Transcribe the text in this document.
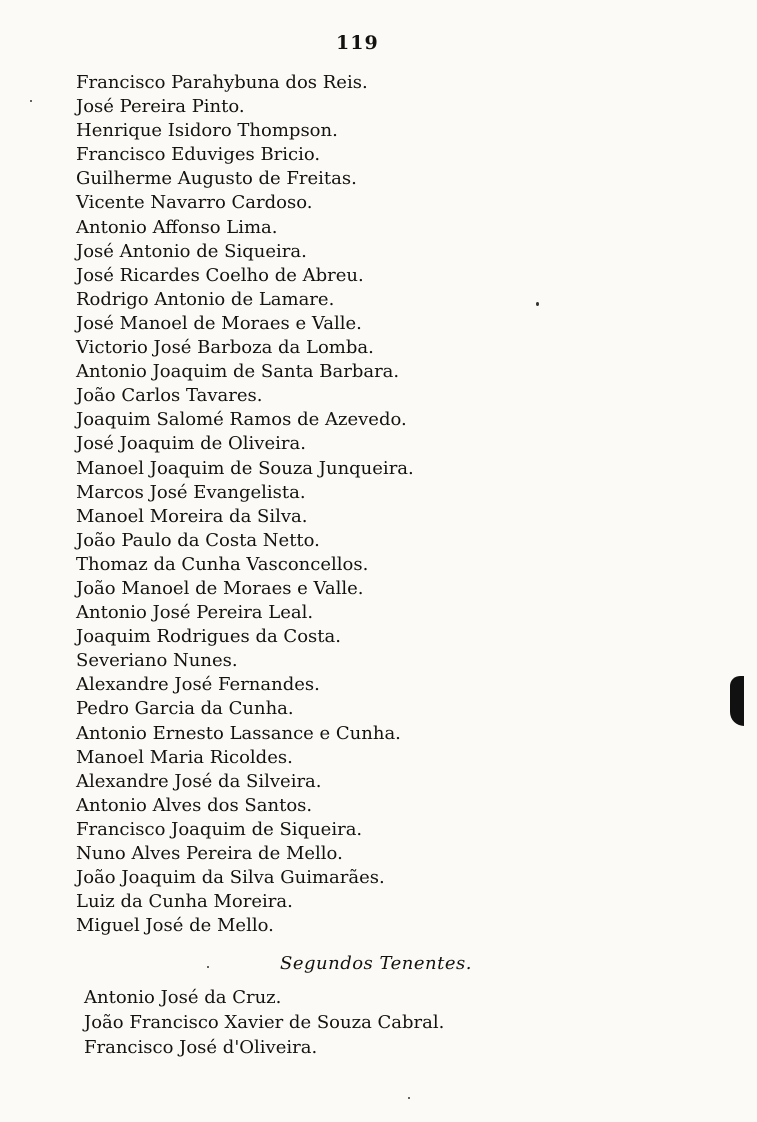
119
Francisco Parahybuna dos Reis.
José Pereira Pinto.
Henrique Isidoro Thompson.
Francisco Eduviges Bricio.
Guilherme Augusto de Freitas.
Vicente Navarro Cardoso.
Antonio Affonso Lima.
José Antonio de Siqueira.
José Ricardes Coelho de Abreu.
Rodrigo Antonio de Lamare.
José Manoel de Moraes e Valle.
Victorio José Barboza da Lomba.
Antonio Joaquim de Santa Barbara.
João Carlos Tavares.
Joaquim Salomé Ramos de Azevedo.
José Joaquim de Oliveira.
Manoel Joaquim de Souza Junqueira.
Marcos José Evangelista.
Manoel Moreira da Silva.
João Paulo da Costa Netto.
Thomaz da Cunha Vasconcellos.
João Manoel de Moraes e Valle.
Antonio José Pereira Leal.
Joaquim Rodrigues da Costa.
Severiano Nunes.
Alexandre José Fernandes.
Pedro Garcia da Cunha.
Antonio Ernesto Lassance e Cunha.
Manoel Maria Ricoldes.
Alexandre José da Silveira.
Antonio Alves dos Santos.
Francisco Joaquim de Siqueira.
Nuno Alves Pereira de Mello.
João Joaquim da Silva Guimarães.
Luiz da Cunha Moreira.
Miguel José de Mello.
Segundos Tenentes.
Antonio José da Cruz.
João Francisco Xavier de Souza Cabral.
Francisco José d'Oliveira.
